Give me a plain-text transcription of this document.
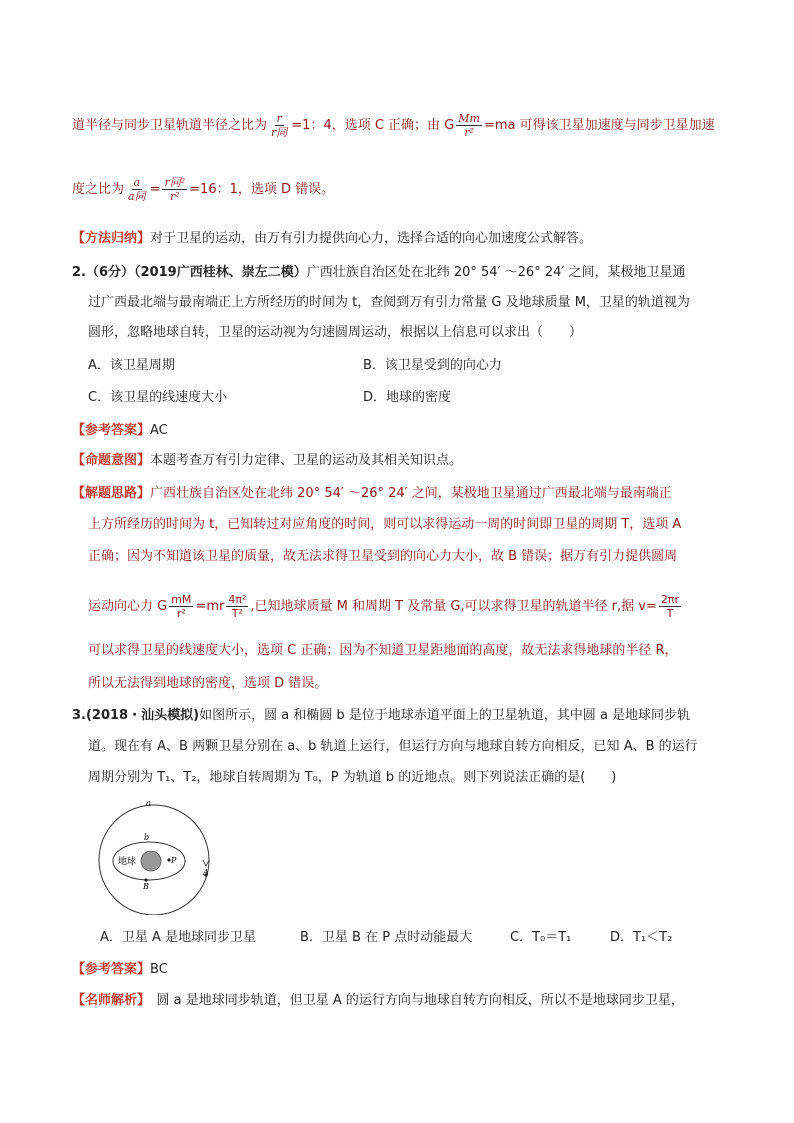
道半径与同步卫星轨道半径之比为 $\frac{r}{\text{r同}} =1$：4，选项 C 正确；由 G $\frac{Mm}{\text{r²}} =ma$ 可得该卫星加速度与同步卫星加速
度之比为 $\frac{a}{\text{a同}} = \frac{\text{r同²}}{\text{r²}} =16$：1，选项 D 错误。
【方法归纳】对于卫星的运动，由万有引力提供向心力，选择合适的向心加速度公式解答。
2.（6分）（2019广西桂林、崇左二模）广西壮族自治区处在北纬 20° 54′ ～26° 24′ 之间，某极地卫星通
过广西最北端与最南端正上方所经历的时间为 t，查阅到万有引力常量 G 及地球质量 M，卫星的轨道视为
圆形，忽略地球自转，卫星的运动视为匀速圆周运动，根据以上信息可以求出（　　）
A．该卫星周期	B．该卫星受到的向心力
C．该卫星的线速度大小	D．地球的密度
【参考答案】AC
【命题意图】本题考查万有引力定律、卫星的运动及其相关知识点。
【解题思路】广西壮族自治区处在北纬 20° 54′ ～26° 24′ 之间，某极地卫星通过广西最北端与最南端正
上方所经历的时间为 t，已知转过对应角度的时间，则可以求得运动一周的时间即卫星的周期 T，选项 A
正确；因为不知道该卫星的质量，故无法求得卫星受到的向心力大小，故 B 错误；据万有引力提供圆周
运动向心力 G $\frac{mM}{\text{r²}} =mr \frac{\text{4π²}}{\text{T²}}$ ,已知地球质量 M 和周期 T 及常量 G,可以求得卫星的轨道半径 r,据 $v= \frac{2\pi r}{T}$
可以求得卫星的线速度大小，选项 C 正确；因为不知道卫星距地面的高度，故无法求得地球的半径 R，
所以无法得到地球的密度，选项 D 错误。
3.(2018・汕头模拟)如图所示，圆 a 和椭圆 b 是位于地球赤道平面上的卫星轨道，其中圆 a 是地球同步轨
道。现在有 A、B 两颗卫星分别在 a、b 轨道上运行，但运行方向与地球自转方向相反，已知 A、B 的运行
周期分别为 T₁、T₂，地球自转周期为 T₀，P 为轨道 b 的近地点。则下列说法正确的是(　　)
a
b
地球	P
A
B
A．卫星 A 是地球同步卫星	B．卫星 B 在 P 点时动能最大	C．T₀＝T₁	D．T₁＜T₂
【参考答案】BC
【名师解析】　圆 a 是地球同步轨道，但卫星 A 的运行方向与地球自转方向相反，所以不是地球同步卫星，
